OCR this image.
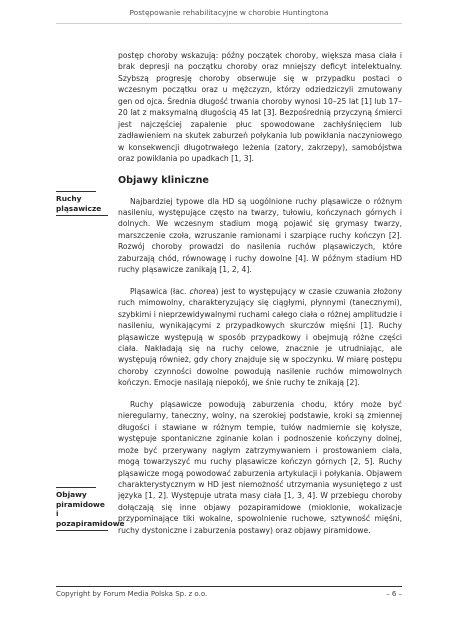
Postępowanie rehabilitacyjne w chorobie Huntingtona
Ruchy pląsawicze
Objawy piramidowe i pozapiramidowe

postęp choroby wskazują: późny początek choroby, większa masa ciała i brak depresji na początku choroby oraz mniejszy deficyt intelektualny. Szybszą progresję choroby obserwuje się w przypadku postaci o wczesnym początku oraz u mężczyzn, którzy odziedziczyli zmutowany gen od ojca. Średnia długość trwania choroby wynosi 10–25 lat [1] lub 17–20 lat z maksymalną długością 45 lat [3]. Bezpośrednią przyczyną śmierci jest najczęściej zapalenie płuc spowodowane zachłyśnięciem lub zadławieniem na skutek zaburzeń połykania lub powikłania naczyniowego w konsekwencji długotrwałego leżenia (zatory, zakrzepy), samobójstwa oraz powikłania po upadkach [1, 3].

Objawy kliniczne

Najbardziej typowe dla HD są uogólnione ruchy pląsawicze o różnym nasileniu, występujące często na twarzy, tułowiu, kończynach górnych i dolnych. We wczesnym stadium mogą pojawić się grymasy twarzy, marszczenie czoła, wzruszanie ramionami i szarpiące ruchy kończyn [2]. Rozwój choroby prowadzi do nasilenia ruchów pląsawiczych, które zaburzają chód, równowagę i ruchy dowolne [4]. W późnym stadium HD ruchy pląsawicze zanikają [1, 2, 4].

Pląsawica (łac. chorea) jest to występujący w czasie czuwania złożony ruch mimowolny, charakteryzujący się ciągłymi, płynnymi (tanecznymi), szybkimi i nieprzewidywalnymi ruchami całego ciała o różnej amplitudzie i nasileniu, wynikającymi z przypadkowych skurczów mięśni [1]. Ruchy pląsawicze występują w sposób przypadkowy i obejmują różne części ciała. Nakładają się na ruchy celowe, znacznie je utrudniając, ale występują również, gdy chory znajduje się w spoczynku. W miarę postępu choroby czynności dowolne powodują nasilenie ruchów mimowolnych kończyn. Emocje nasilają niepokój, we śnie ruchy te znikają [2].

Ruchy pląsawicze powodują zaburzenia chodu, który może być nieregularny, taneczny, wolny, na szerokiej podstawie, kroki są zmiennej długości i stawiane w różnym tempie, tułów nadmiernie się kołysze, występuje spontaniczne zginanie kolan i podnoszenie kończyny dolnej, może być przerywany nagłym zatrzymywaniem i prostowaniem ciała, mogą towarzyszyć mu ruchy pląsawicze kończyn górnych [2, 5]. Ruchy pląsawicze mogą powodować zaburzenia artykulacji i połykania. Objawem charakterystycznym w HD jest niemożność utrzymania wysuniętego z ust języka [1, 2]. Występuje utrata masy ciała [1, 3, 4]. W przebiegu choroby dołączają się inne objawy pozapiramidowe (mioklonie, wokalizacje przypominające tiki wokalne, spowolnienie ruchowe, sztywność mięśni, ruchy dystoniczne i zaburzenia postawy) oraz objawy piramidowe.

Copyright by Forum Media Polska Sp. z o.o.	– 6 –
